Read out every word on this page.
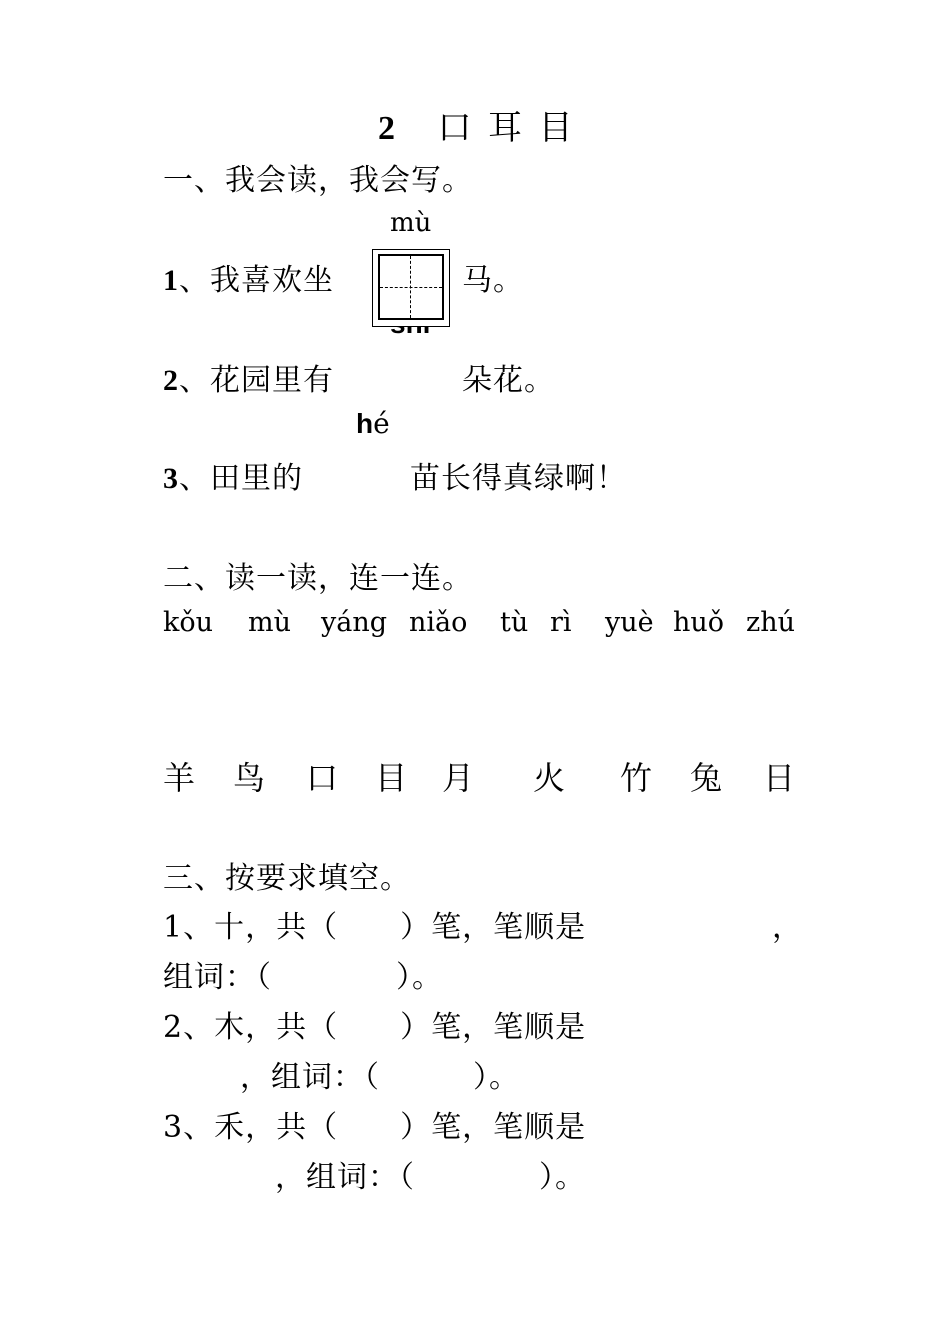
2 口 耳 目
一、我会读，我会写。
mù
1、我喜欢坐	马。
2、花园里有	朵花。
hé
3、田里的	苗长得真绿啊！
二、读一读，连一连。
kǒu mù yáng niǎo tù rì yuè huǒ zhú
羊 鸟 口 目 月 火 竹 兔 日
三、按要求填空。
1、十，共（　　）笔，笔顺是	，
组词：（　　　　）。
2、木，共（　　）笔，笔顺是
，组词：（　　　）。
3、禾，共（　　）笔，笔顺是
，组词：（　　　　）。
